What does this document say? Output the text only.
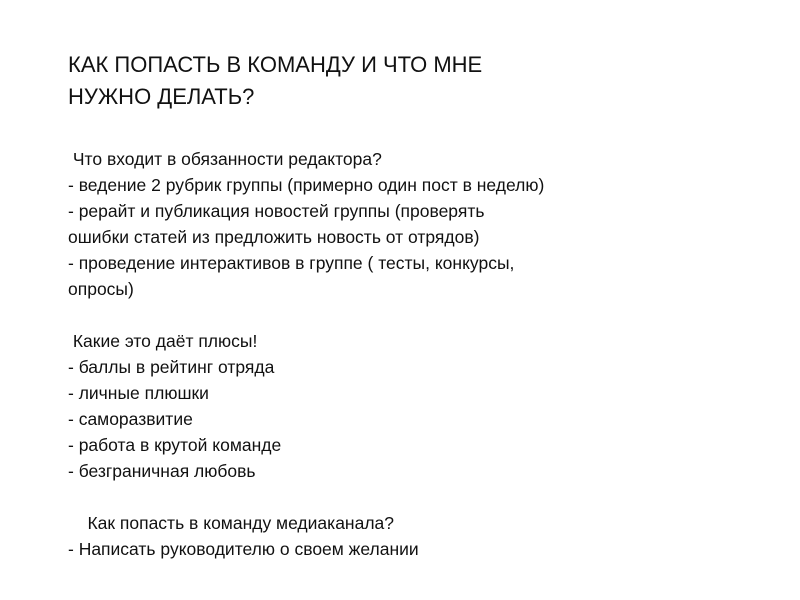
КАК ПОПАСТЬ В КОМАНДУ И ЧТО МНЕ
НУЖНО ДЕЛАТЬ?
Что входит в обязанности редактора?
- ведение 2 рубрик группы (примерно один пост в неделю)
- рерайт и публикация новостей группы (проверять
ошибки статей из предложить новость от отрядов)
- проведение интерактивов в группе ( тесты, конкурсы,
опросы)
Какие это даёт плюсы!
- баллы в рейтинг отряда
- личные плюшки
- саморазвитие
- работа в крутой команде
- безграничная любовь
Как попасть в команду медиаканала?
- Написать руководителю о своем желании
